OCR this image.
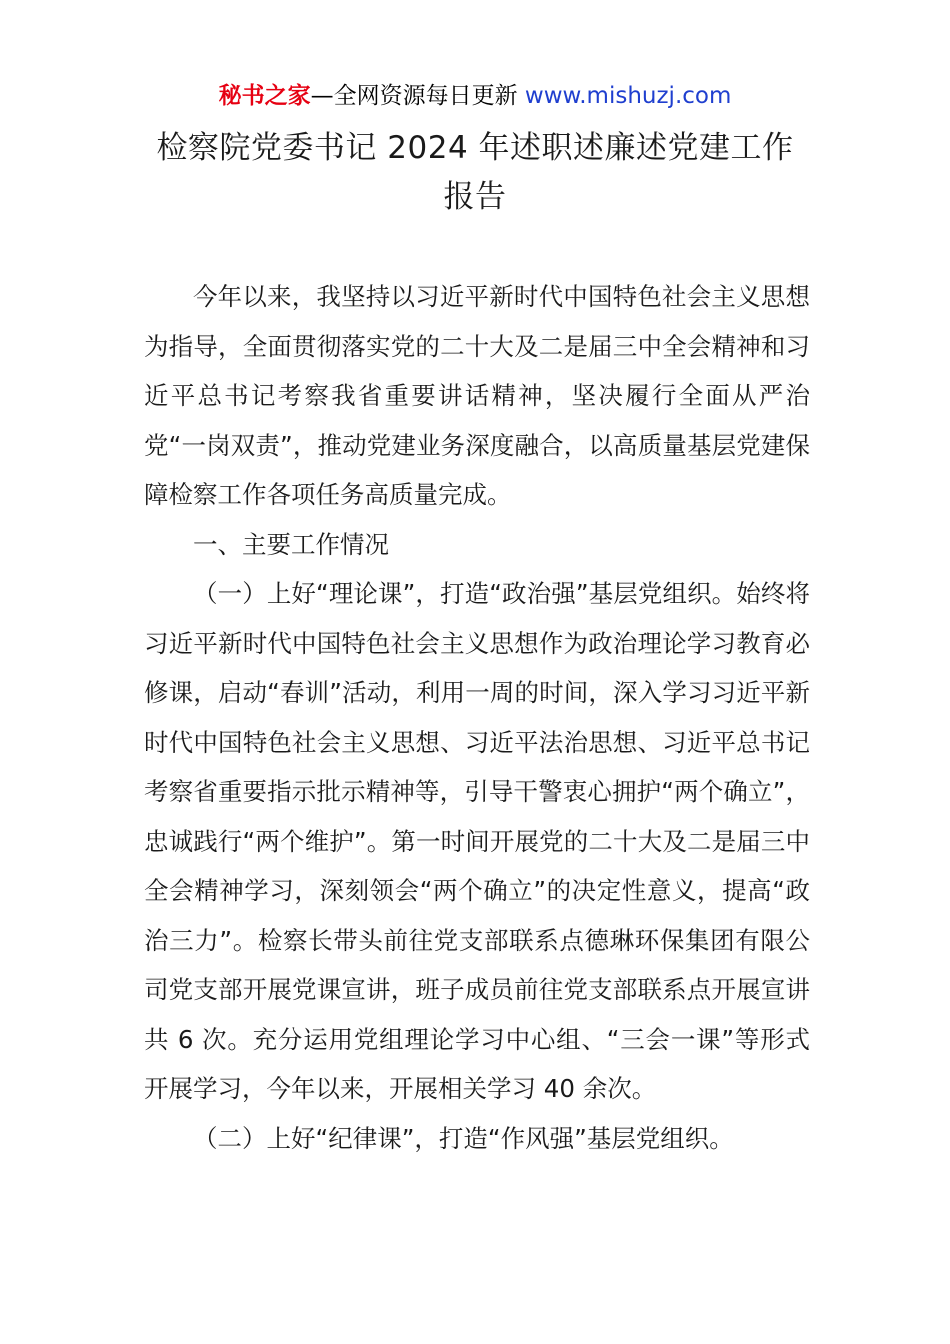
秘书之家—全网资源每日更新 www.mishuzj.com
检察院党委书记 2024 年述职述廉述党建工作
报告

今年以来，我坚持以习近平新时代中国特色社会主义思想为指导，全面贯彻落实党的二十大及二是届三中全会精神和习近平总书记考察我省重要讲话精神，坚决履行全面从严治党“一岗双责”，推动党建业务深度融合，以高质量基层党建保障检察工作各项任务高质量完成。

一、主要工作情况

（一）上好“理论课”，打造“政治强”基层党组织。始终将习近平新时代中国特色社会主义思想作为政治理论学习教育必修课，启动“春训”活动，利用一周的时间，深入学习习近平新时代中国特色社会主义思想、习近平法治思想、习近平总书记考察省重要指示批示精神等，引导干警衷心拥护“两个确立”，忠诚践行“两个维护”。第一时间开展党的二十大及二是届三中全会精神学习，深刻领会“两个确立”的决定性意义，提高“政治三力”。检察长带头前往党支部联系点德琳环保集团有限公司党支部开展党课宣讲，班子成员前往党支部联系点开展宣讲共 6 次。充分运用党组理论学习中心组、“三会一课”等形式开展学习，今年以来，开展相关学习 40 余次。

（二）上好“纪律课”，打造“作风强”基层党组织。
